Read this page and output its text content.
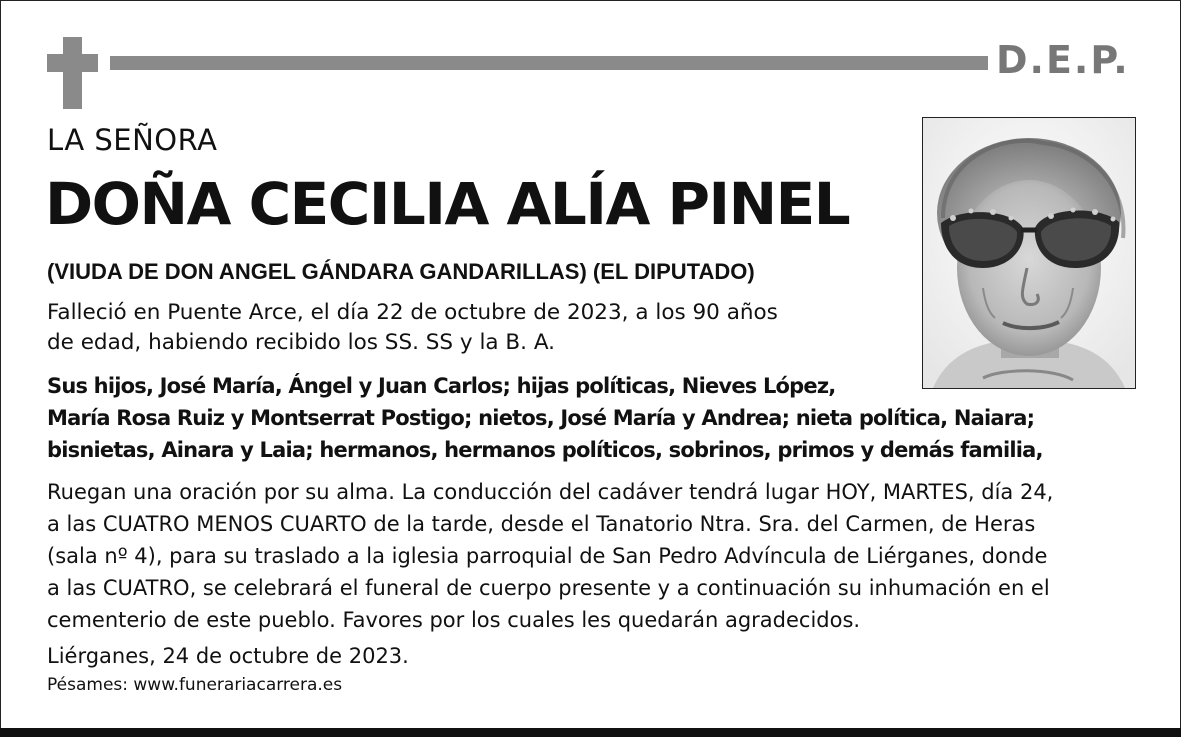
D.E.P.
LA SEÑORA
DOÑA CECILIA ALÍA PINEL
(VIUDA DE DON ANGEL GÁNDARA GANDARILLAS) (EL DIPUTADO)
Falleció en Puente Arce, el día 22 de octubre de 2023, a los 90 años
de edad, habiendo recibido los SS. SS y la B. A.
Sus hijos, José María, Ángel y Juan Carlos; hijas políticas, Nieves López,
María Rosa Ruiz y Montserrat Postigo; nietos, José María y Andrea; nieta política, Naiara;
bisnietas, Ainara y Laia; hermanos, hermanos políticos, sobrinos, primos y demás familia,
Ruegan una oración por su alma. La conducción del cadáver tendrá lugar HOY, MARTES, día 24,
a las CUATRO MENOS CUARTO de la tarde, desde el Tanatorio Ntra. Sra. del Carmen, de Heras
(sala nº 4), para su traslado a la iglesia parroquial de San Pedro Advíncula de Liérganes, donde
a las CUATRO, se celebrará el funeral de cuerpo presente y a continuación su inhumación en el
cementerio de este pueblo. Favores por los cuales les quedarán agradecidos.
Liérganes, 24 de octubre de 2023.
Pésames: www.funerariacarrera.es
